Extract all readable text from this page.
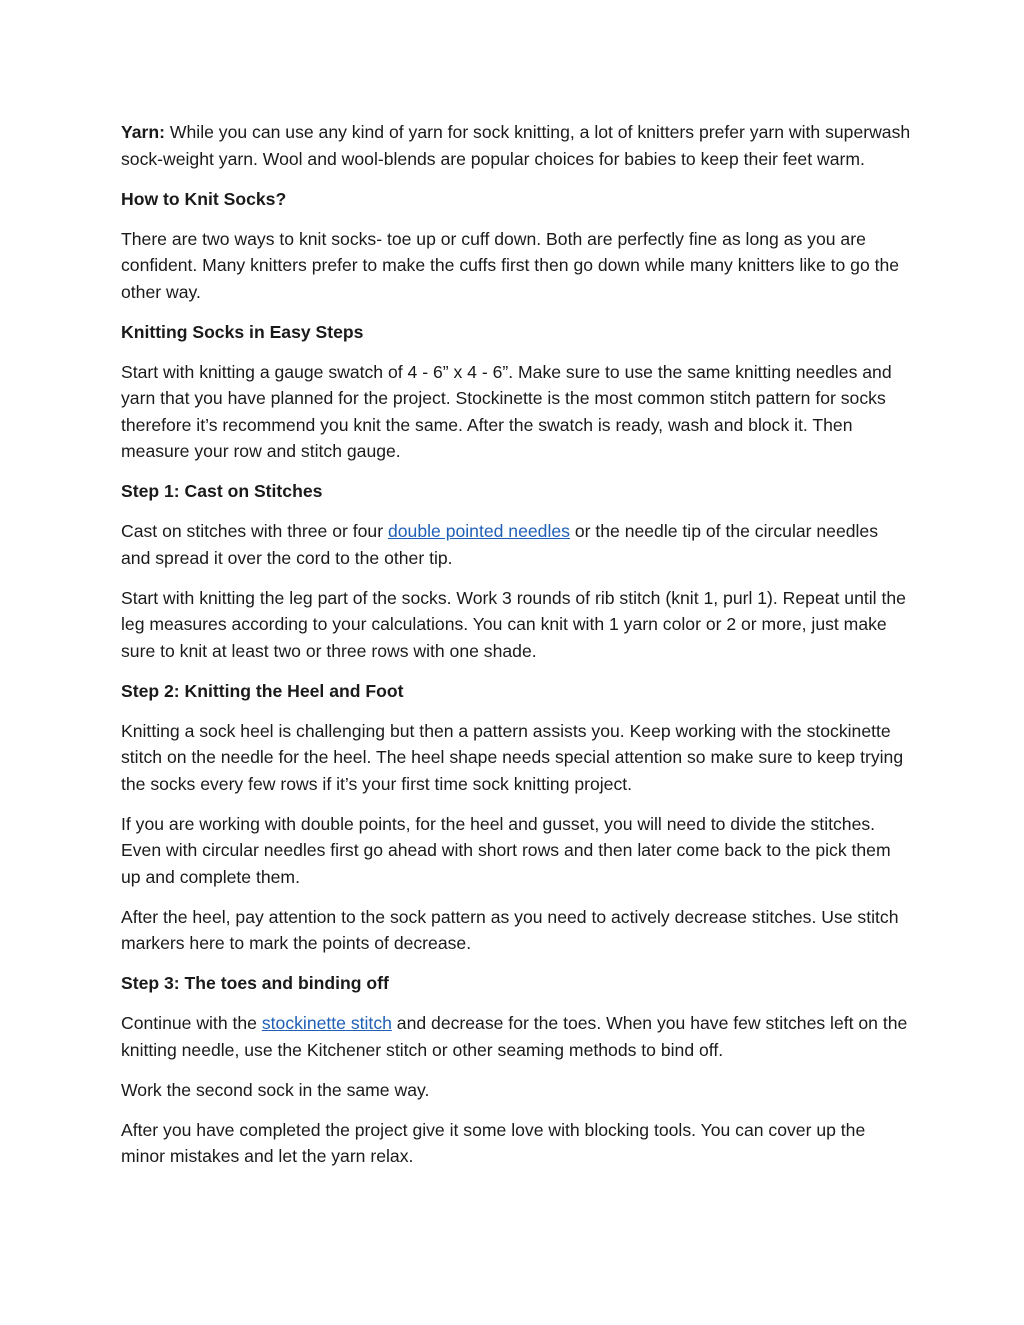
Yarn: While you can use any kind of yarn for sock knitting, a lot of knitters prefer yarn with superwash sock-weight yarn. Wool and wool-blends are popular choices for babies to keep their feet warm.

How to Knit Socks?

There are two ways to knit socks- toe up or cuff down. Both are perfectly fine as long as you are confident. Many knitters prefer to make the cuffs first then go down while many knitters like to go the other way.

Knitting Socks in Easy Steps

Start with knitting a gauge swatch of 4 - 6” x 4 - 6”. Make sure to use the same knitting needles and yarn that you have planned for the project. Stockinette is the most common stitch pattern for socks therefore it’s recommend you knit the same. After the swatch is ready, wash and block it. Then measure your row and stitch gauge.

Step 1: Cast on Stitches

Cast on stitches with three or four double pointed needles or the needle tip of the circular needles and spread it over the cord to the other tip.

Start with knitting the leg part of the socks. Work 3 rounds of rib stitch (knit 1, purl 1). Repeat until the leg measures according to your calculations. You can knit with 1 yarn color or 2 or more, just make sure to knit at least two or three rows with one shade.

Step 2: Knitting the Heel and Foot

Knitting a sock heel is challenging but then a pattern assists you. Keep working with the stockinette stitch on the needle for the heel. The heel shape needs special attention so make sure to keep trying the socks every few rows if it’s your first time sock knitting project.

If you are working with double points, for the heel and gusset, you will need to divide the stitches. Even with circular needles first go ahead with short rows and then later come back to the pick them up and complete them.

After the heel, pay attention to the sock pattern as you need to actively decrease stitches. Use stitch markers here to mark the points of decrease.

Step 3: The toes and binding off

Continue with the stockinette stitch and decrease for the toes. When you have few stitches left on the knitting needle, use the Kitchener stitch or other seaming methods to bind off.

Work the second sock in the same way.

After you have completed the project give it some love with blocking tools. You can cover up the minor mistakes and let the yarn relax.
